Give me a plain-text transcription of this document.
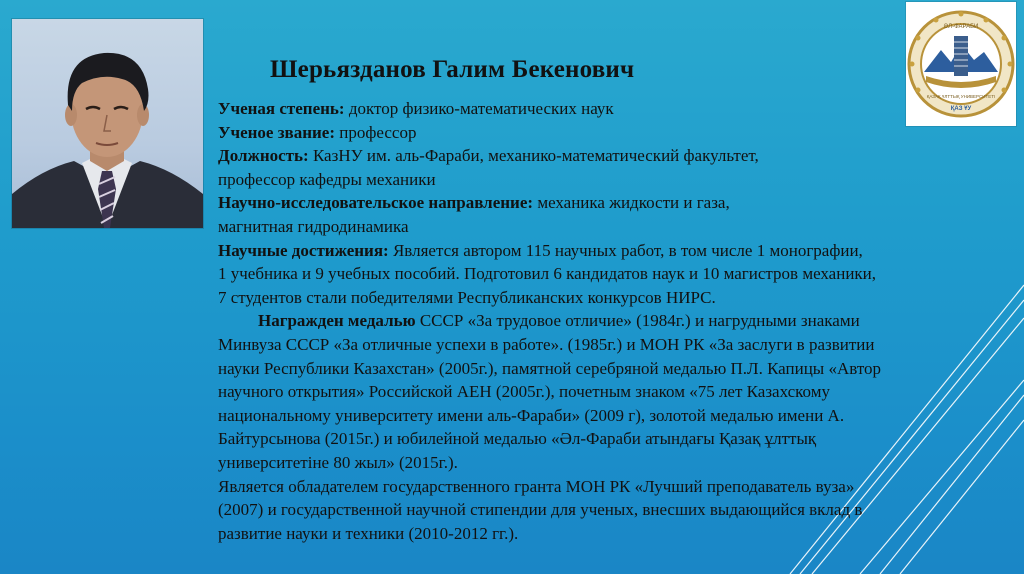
ӘЛ-ФАРАБИ
ҚАЗАҚ ҰЛТТЫҚ УНИВЕРСИТЕТІ
ҚАЗ ҰУ
Шерьязданов Галим Бекенович

Ученая степень: доктор физико-математических наук

Ученое звание: профессор

Должность: КазНУ им. аль-Фараби, механико-математический факультет,

профессор кафедры механики

Научно-исследовательское направление: механика жидкости и газа,

магнитная гидродинамика

Научные достижения: Является автором 115 научных работ, в том числе 1 монографии,

1 учебника и 9 учебных пособий. Подготовил 6 кандидатов наук и 10 магистров механики,

7 студентов стали победителями Республиканских конкурсов НИРС.

Награжден медалью СССР «За трудовое отличие» (1984г.) и нагрудными знаками

Минвуза СССР «За отличные успехи в работе». (1985г.) и МОН РК «За заслуги в развитии

науки Республики Казахстан» (2005г.), памятной серебряной медалью П.Л. Капицы «Автор

научного открытия» Российской АЕН (2005г.), почетным знаком «75 лет Казахскому

национальному университету имени аль-Фараби» (2009 г), золотой медалью имени А.

Байтурсынова (2015г.) и юбилейной медалью «Әл-Фараби атындағы Қазақ ұлттық

университетіне 80 жыл» (2015г.).

Является обладателем государственного гранта МОН РК «Лучший преподаватель вуза»

(2007) и государственной научной стипендии для ученых, внесших выдающийся вклад в

развитие науки и техники (2010-2012 гг.).
